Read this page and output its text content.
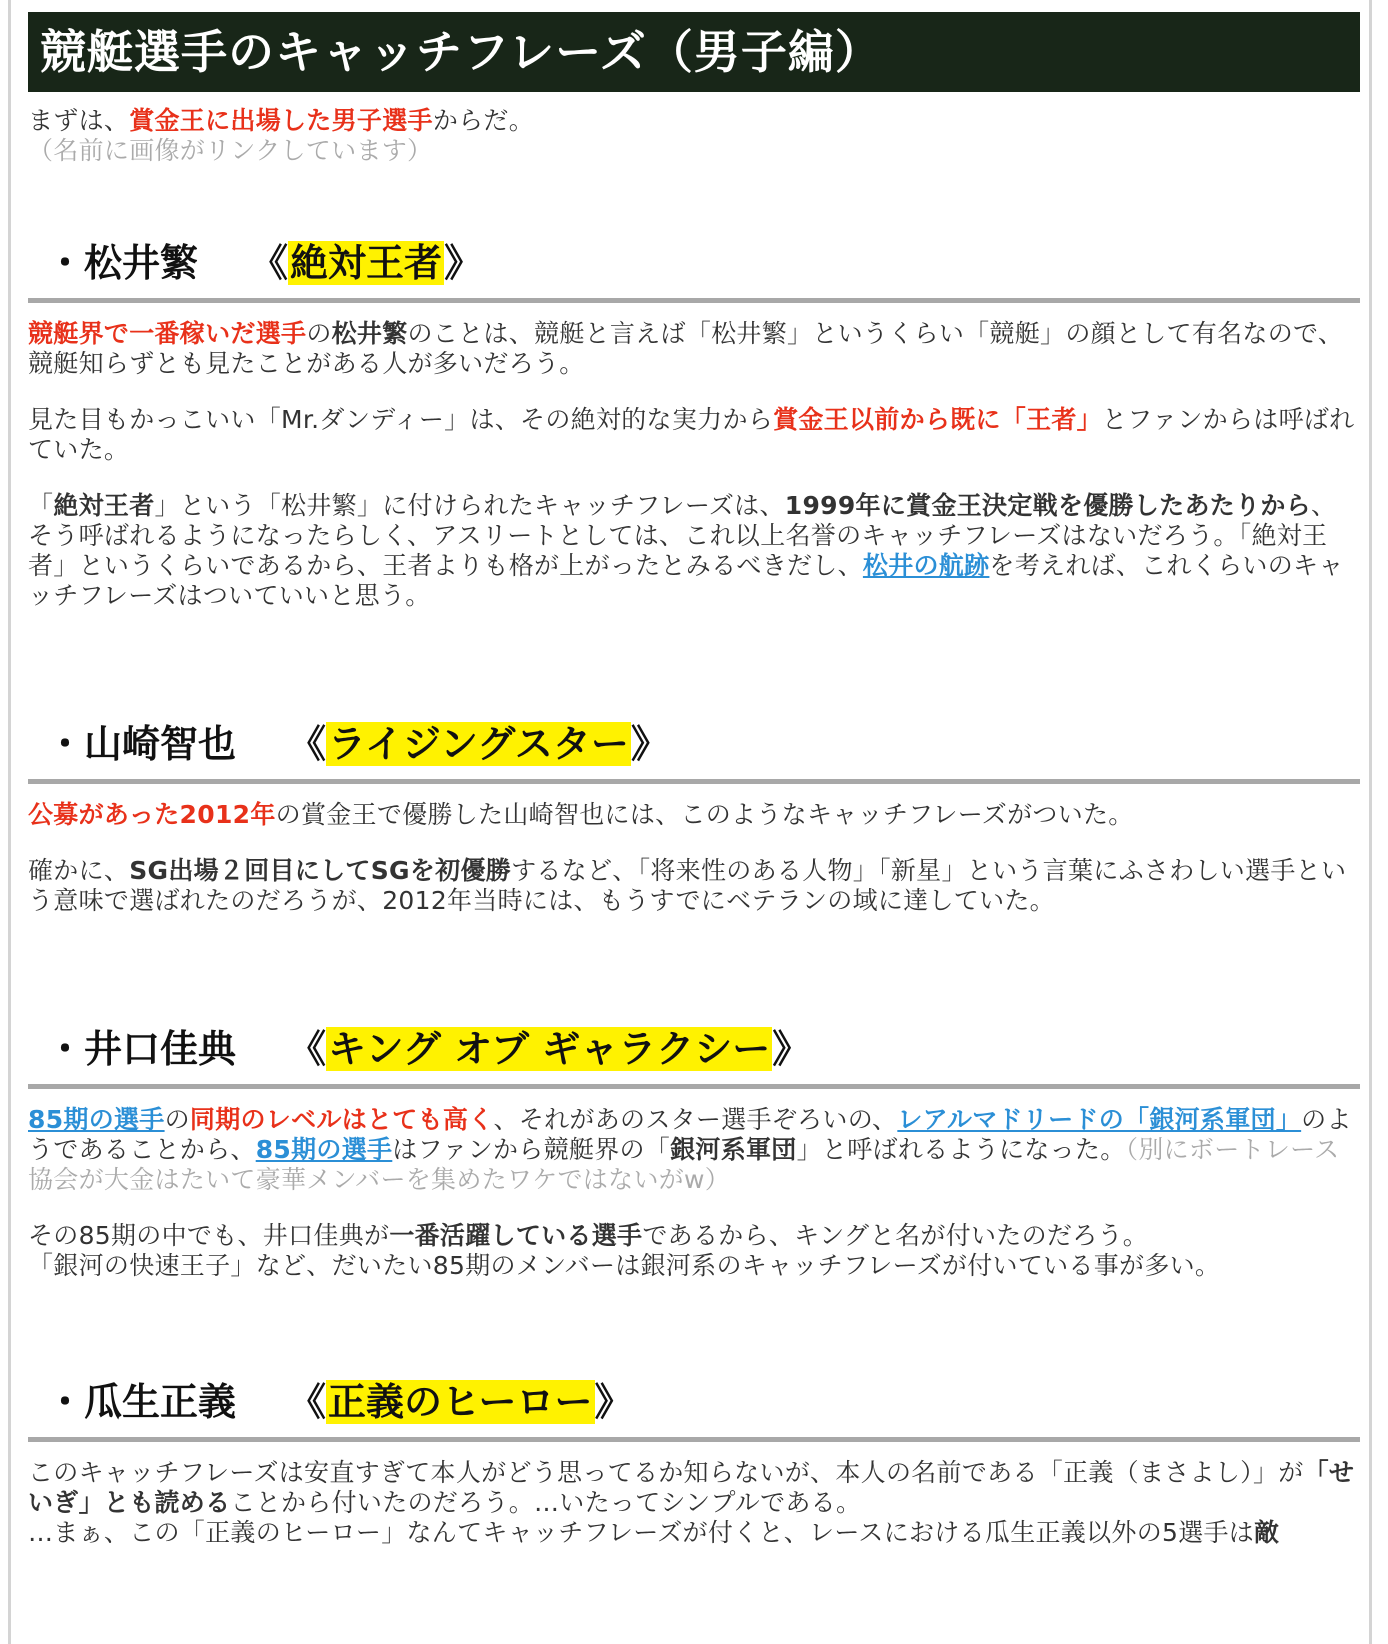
競艇選手のキャッチフレーズ（男子編）

まずは、賞金王に出場した男子選手からだ。

（名前に画像がリンクしています）

・松井繁 《絶対王者》

競艇界で一番稼いだ選手の松井繁のことは、競艇と言えば「松井繁」というくらい「競艇」の顔として有名なので、競艇知らずとも見たことがある人が多いだろう。

見た目もかっこいい「Mr.ダンディー」は、その絶対的な実力から賞金王以前から既に「王者」とファンからは呼ばれていた。

「絶対王者」という「松井繁」に付けられたキャッチフレーズは、1999年に賞金王決定戦を優勝したあたりから、そう呼ばれるようになったらしく、アスリートとしては、これ以上名誉のキャッチフレーズはないだろう。「絶対王者」というくらいであるから、王者よりも格が上がったとみるべきだし、松井の航跡を考えれば、これくらいのキャッチフレーズはついていいと思う。

・山崎智也 《ライジングスター》

公募があった2012年の賞金王で優勝した山崎智也には、このようなキャッチフレーズがついた。

確かに、SG出場２回目にしてSGを初優勝するなど、「将来性のある人物」「新星」という言葉にふさわしい選手という意味で選ばれたのだろうが、2012年当時には、もうすでにベテランの域に達していた。

・井口佳典 《キング オブ ギャラクシー》

85期の選手の同期のレベルはとても高く、それがあのスター選手ぞろいの、レアルマドリードの「銀河系軍団」のようであることから、85期の選手はファンから競艇界の「銀河系軍団」と呼ばれるようになった。（別にボートレース協会が大金はたいて豪華メンバーを集めたワケではないがw）

その85期の中でも、井口佳典が一番活躍している選手であるから、キングと名が付いたのだろう。
「銀河の快速王子」など、だいたい85期のメンバーは銀河系のキャッチフレーズが付いている事が多い。

・瓜生正義 《正義のヒーロー》

このキャッチフレーズは安直すぎて本人がどう思ってるか知らないが、本人の名前である「正義（まさよし）」が「せいぎ」とも読めることから付いたのだろう。…いたってシンプルである。
…まぁ、この「正義のヒーロー」なんてキャッチフレーズが付くと、レースにおける瓜生正義以外の5選手は敵
